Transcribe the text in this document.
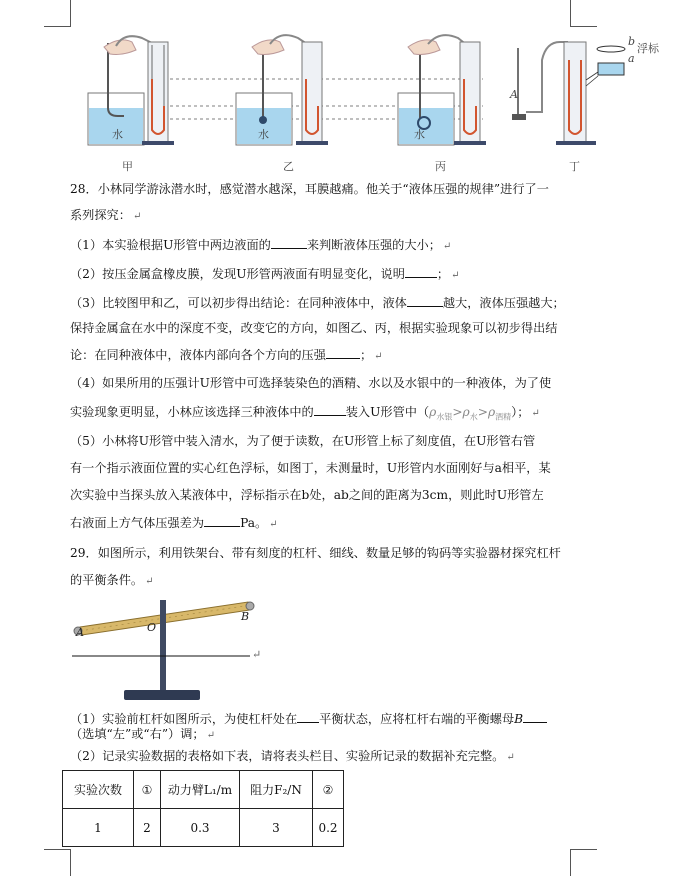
b
浮标
a
A
水	水	水
甲	乙	丙	丁
28．小林同学游泳潜水时，感觉潜水越深，耳膜越痛。他关于“液体压强的规律”进行了一
系列探究： ↵
（1）本实验根据U形管中两边液面的	来判断液体压强的大小； ↵
（2）按压金属盒橡皮膜，发现U形管两液面有明显变化，说明	； ↵
（3）比较图甲和乙，可以初步得出结论：在同种液体中，液体	越大，液体压强越大；
保持金属盒在水中的深度不变，改变它的方向，如图乙、丙，根据实验现象可以初步得出结
论：在同种液体中，液体内部向各个方向的压强	； ↵
（4）如果所用的压强计U形管中可选择装染色的酒精、水以及水银中的一种液体，为了使
实验现象更明显，小林应该选择三种液体中的	装入U形管中$(\rho_{水银}>\rho_水>\rho_{酒精})$； ↵
（5）小林将U形管中装入清水，为了便于读数，在U形管上标了刻度值，在U形管右管
有一个指示液面位置的实心红色浮标，如图丁，未测量时，U形管内水面刚好与a相平，某
次实验中当探头放入某液体中，浮标指示在b处，ab之间的距离为3cm，则此时U形管左
右液面上方气体压强差为	Pa。 ↵
29．如图所示，利用铁架台、带有刻度的杠杆、细线、数量足够的钩码等实验器材探究杠杆
的平衡条件。 ↵
A	O
B
↵
（1）实验前杠杆如图所示，为使杠杆处在 平衡状态，应将杠杆右端的平衡螺母B
（选填“左”或“右”）调； ↵
（2）记录实验数据的表格如下表，请将表头栏目、实验所记录的数据补充完整。 ↵
实验次数	①	动力臂L₁/m	阻力F₂/N	②
1	2	0.3	3	0.2
